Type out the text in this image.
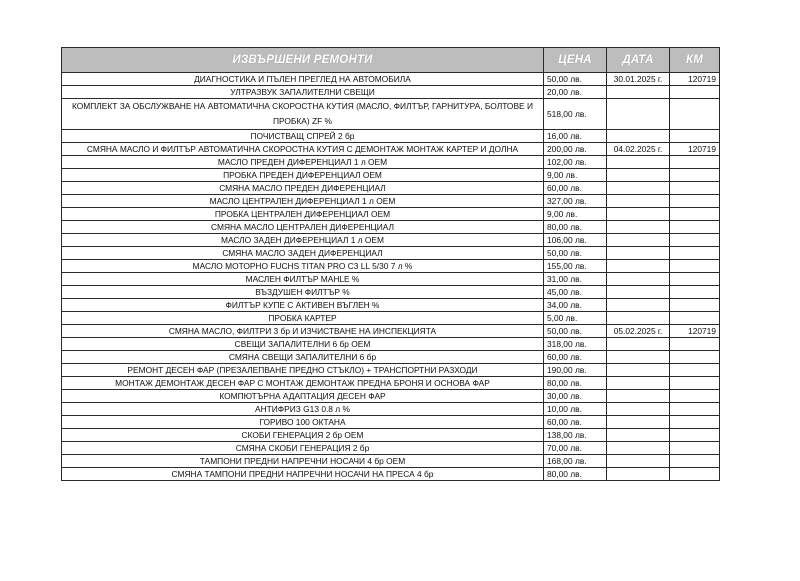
ИЗВЪРШЕНИ РЕМОНТИ	ЦЕНА	ДАТА	КМ
ДИАГНОСТИКА И ПЪЛЕН ПРЕГЛЕД НА АВТОМОБИЛА	50,00 лв.	30.01.2025 г.	120719
УЛТРАЗВУК ЗАПАЛИТЕЛНИ СВЕЩИ	20,00 лв.		
КОМПЛЕКТ ЗА ОБСЛУЖВАНЕ НА АВТОМАТИЧНА СКОРОСТНА КУТИЯ (МАСЛО, ФИЛТЪР, ГАРНИТУРА, БОЛТОВЕ И ПРОБКА) ZF %	518,00 лв.		
ПОЧИСТВАЩ СПРЕЙ 2 бр	16,00 лв.		
СМЯНА МАСЛО И ФИЛТЪР АВТОМАТИЧНА СКОРОСТНА КУТИЯ С ДЕМОНТАЖ МОНТАЖ КАРТЕР И ДОЛНА	200,00 лв.	04.02.2025 г.	120719
МАСЛО ПРЕДЕН ДИФЕРЕНЦИАЛ 1 л OEM	102,00 лв.		
ПРОБКА ПРЕДЕН ДИФЕРЕНЦИАЛ OEM	9,00 лв.		
СМЯНА МАСЛО ПРЕДЕН ДИФЕРЕНЦИАЛ	60,00 лв.		
МАСЛО ЦЕНТРАЛЕН ДИФЕРЕНЦИАЛ 1 л OEM	327,00 лв.		
ПРОБКА ЦЕНТРАЛЕН ДИФЕРЕНЦИАЛ OEM	9,00 лв.		
СМЯНА МАСЛО ЦЕНТРАЛЕН ДИФЕРЕНЦИАЛ	80,00 лв.		
МАСЛО ЗАДЕН ДИФЕРЕНЦИАЛ 1 л OEM	106,00 лв.		
СМЯНА МАСЛО ЗАДЕН ДИФЕРЕНЦИАЛ	50,00 лв.		
МАСЛО МОТОРНО FUCHS TITAN PRO C3 LL 5/30 7 л %	155,00 лв.		
МАСЛЕН ФИЛТЪР MAHLE %	31,00 лв.		
ВЪЗДУШЕН ФИЛТЪР %	45,00 лв.		
ФИЛТЪР КУПЕ С АКТИВЕН ВЪГЛЕН %	34,00 лв.		
ПРОБКА КАРТЕР	5,00 лв.		
СМЯНА МАСЛО, ФИЛТРИ 3 бр И ИЗЧИСТВАНЕ НА ИНСПЕКЦИЯТА	50,00 лв.	05.02.2025 г.	120719
СВЕЩИ ЗАПАЛИТЕЛНИ 6 бр OEM	318,00 лв.		
СМЯНА СВЕЩИ ЗАПАЛИТЕЛНИ 6 бр	60,00 лв.		
РЕМОНТ ДЕСЕН ФАР (ПРЕЗАЛЕПВАНЕ ПРЕДНО СТЪКЛО) + ТРАНСПОРТНИ РАЗХОДИ	190,00 лв.		
МОНТАЖ ДЕМОНТАЖ ДЕСЕН ФАР С МОНТАЖ ДЕМОНТАЖ ПРЕДНА БРОНЯ И ОСНОВА ФАР	80,00 лв.		
КОМПЮТЪРНА АДАПТАЦИЯ ДЕСЕН ФАР	30,00 лв.		
АНТИФРИЗ G13 0.8 л %	10,00 лв.		
ГОРИВО 100 ОКТАНА	60,00 лв.		
СКОБИ ГЕНЕРАЦИЯ 2 бр OEM	138,00 лв.		
СМЯНА СКОБИ ГЕНЕРАЦИЯ 2 бр	70,00 лв.		
ТАМПОНИ ПРЕДНИ НАПРЕЧНИ НОСАЧИ 4 бр OEM	168,00 лв.		
СМЯНА ТАМПОНИ ПРЕДНИ НАПРЕЧНИ НОСАЧИ НА ПРЕСА 4 бр	80,00 лв.		
